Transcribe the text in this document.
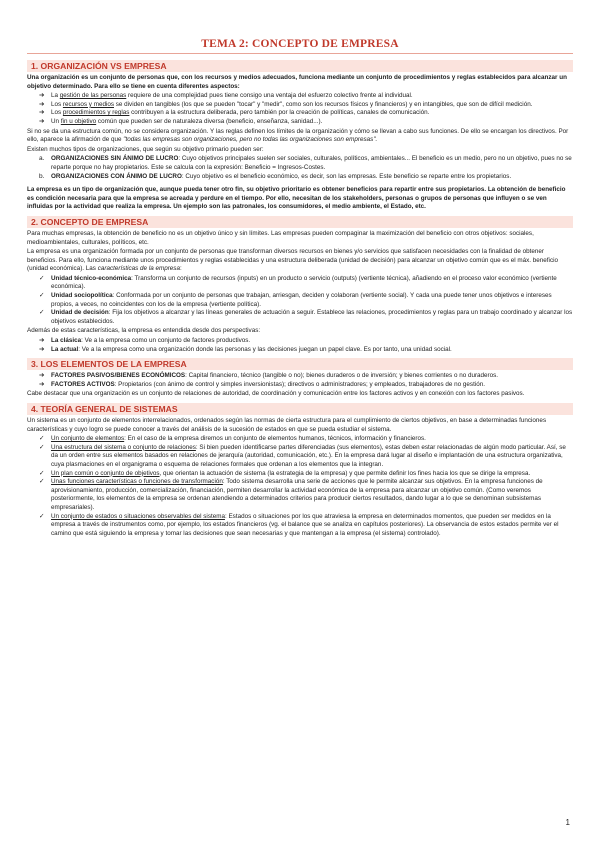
TEMA 2: CONCEPTO DE EMPRESA
1. ORGANIZACIÓN VS EMPRESA

Una organización es un conjunto de personas que, con los recursos y medios adecuados, funciona mediante un conjunto de procedimientos y reglas establecidos para alcanzar un objetivo determinado. Para ello se tiene en cuenta diferentes aspectos:

➔ La gestión de las personas requiere de una complejidad pues tiene consigo una ventaja del esfuerzo colectivo frente al individual.
➔ Los recursos y medios se dividen en tangibles (los que se pueden "tocar" y "medir", como son los recursos físicos y financieros) y en intangibles, que son de difícil medición.
➔ Los procedimientos y reglas contribuyen a la estructura deliberada, pero también por la creación de políticas, canales de comunicación.
➔ Un fin u objetivo común que pueden ser de naturaleza diversa (beneficio, enseñanza, sanidad...).

Si no se da una estructura común, no se considera organización. Y las reglas definen los límites de la organización y cómo se llevan a cabo sus funciones. De ello se encargan los directivos. Por ello, aparece la afirmación de que "todas las empresas son organizaciones, pero no todas las organizaciones son empresas".

Existen muchos tipos de organizaciones, que según su objetivo primario pueden ser:

a. ORGANIZACIONES SIN ÁNIMO DE LUCRO: Cuyo objetivos principales suelen ser sociales, culturales, políticos, ambientales... El beneficio es un medio, pero no un objetivo, pues no se reparte porque no hay propietarios. Este se calcula con la expresión: Beneficio = Ingresos-Costes.
b. ORGANIZACIONES CON ÁNIMO DE LUCRO: Cuyo objetivo es el beneficio económico, es decir, son las empresas. Este beneficio se reparte entre los propietarios.

La empresa es un tipo de organización que, aunque pueda tener otro fin, su objetivo prioritario es obtener beneficios para repartir entre sus propietarios. La obtención de beneficio es condición necesaria para que la empresa se acreada y perdure en el tiempo. Por ello, necesitan de los stakeholders, personas o grupos de personas que influyen o se ven influidas por la actividad que realiza la empresa. Un ejemplo son las patronales, los consumidores, el medio ambiente, el Estado, etc.

2. CONCEPTO DE EMPRESA

Para muchas empresas, la obtención de beneficio no es un objetivo único y sin límites. Las empresas pueden compaginar la maximización del beneficio con otros objetivos: sociales, medioambientales, culturales, políticos, etc.

La empresa es una organización formada por un conjunto de personas que transforman diversos recursos en bienes y/o servicios que satisfacen necesidades con la finalidad de obtener beneficios. Para ello, funciona mediante unos procedimientos y reglas establecidas y una estructura deliberada (unidad de decisión) para alcanzar un objetivo común que es el máx. beneficio (unidad económica). Las características de la empresa:

✓ Unidad técnico-económica: Transforma un conjunto de recursos (inputs) en un producto o servicio (outputs) (vertiente técnica), añadiendo en el proceso valor económico (vertiente económica).
✓ Unidad sociopolítica: Conformada por un conjunto de personas que trabajan, arriesgan, deciden y colaboran (vertiente social). Y cada una puede tener unos objetivos e intereses propios, a veces, no coincidentes con los de la empresa (vertiente política).
✓ Unidad de decisión: Fija los objetivos a alcanzar y las líneas generales de actuación a seguir. Establece las relaciones, procedimientos y reglas para un trabajo coordinado y alcanzar los objetivos establecidos.

Además de estas características, la empresa es entendida desde dos perspectivas:

➔ La clásica: Ve a la empresa como un conjunto de factores productivos.
➔ La actual: Ve a la empresa como una organización donde las personas y las decisiones juegan un papel clave. Es por tanto, una unidad social.
3. LOS ELEMENTOS DE LA EMPRESA
➔ FACTORES PASIVOS/BIENES ECONÓMICOS: Capital financiero, técnico (tangible o no); bienes duraderos o de inversión; y bienes corrientes o no duraderos.
➔ FACTORES ACTIVOS: Propietarios (con ánimo de control y simples inversionistas); directivos o administradores; y empleados, trabajadores de no gestión.

Cabe destacar que una organización es un conjunto de relaciones de autoridad, de coordinación y comunicación entre los factores activos y en conexión con los factores pasivos.

4. TEORÍA GENERAL DE SISTEMAS

Un sistema es un conjunto de elementos interrelacionados, ordenados según las normas de cierta estructura para el cumplimiento de ciertos objetivos, en base a determinadas funciones características y cuyo logro se puede conocer a través del análisis de la sucesión de estados en que se pueda estudiar el sistema.

✓ Un conjunto de elementos: En el caso de la empresa diremos un conjunto de elementos humanos, técnicos, información y financieros.
✓ Una estructura del sistema o conjunto de relaciones: Si bien pueden identificarse partes diferenciadas (sus elementos), estas deben estar relacionadas de algún modo particular. Así, se da un orden entre sus elementos basados en relaciones de jerarquía (autoridad, comunicación, etc.). En la empresa dará lugar al diseño e implantación de una estructura organizativa, cuya plasmaciones en el organigrama o esquema de relaciones formales que ordenan a los elementos que la integran.
✓ Un plan común o conjunto de objetivos, que orientan la actuación de sistema (la estrategia de la empresa) y que permite definir los fines hacia los que se dirige la empresa.
✓ Unas funciones características o funciones de transformación: Todo sistema desarrolla una serie de acciones que le permite alcanzar sus objetivos. En la empresa funciones de aprovisionamiento, producción, comercialización, financiación, permiten desarrollar la actividad económica de la empresa para alcanzar un objetivo común. (Como veremos posteriormente, los elementos de la empresa se ordenan atendiendo a determinados criterios para producir ciertos resultados, dando lugar a lo que se denominan subsistemas empresariales).
✓ Un conjunto de estados o situaciones observables del sistema: Estados o situaciones por los que atraviesa la empresa en determinados momentos, que pueden ser medidos en la empresa a través de instrumentos como, por ejemplo, los estados financieros (vg. el balance que se analiza en capítulos posteriores). La observancia de estos estados permite ver el camino que está siguiendo la empresa y tomar las decisiones que sean necesarias y que mantengan a la empresa (el sistema) controlado).
1
